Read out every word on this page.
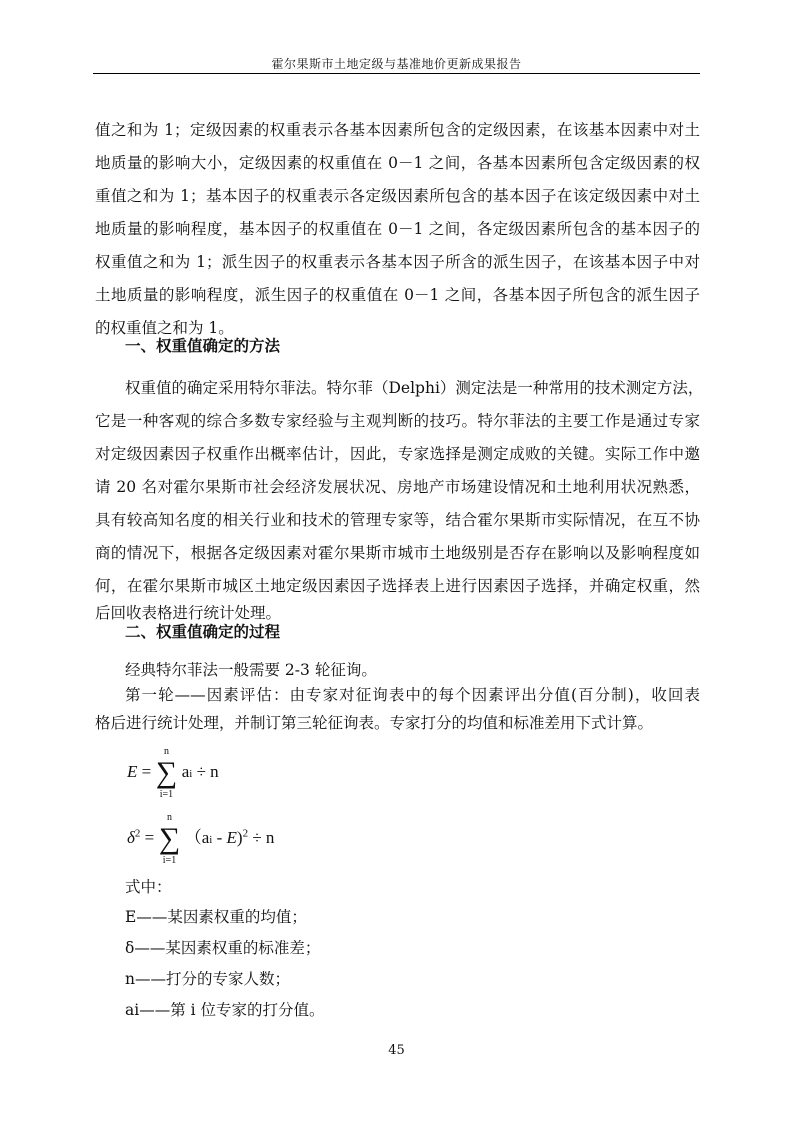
霍尔果斯市土地定级与基准地价更新成果报告
值之和为 1；定级因素的权重表示各基本因素所包含的定级因素，在该基本因素中对土
地质量的影响大小，定级因素的权重值在 0－1 之间，各基本因素所包含定级因素的权
重值之和为 1；基本因子的权重表示各定级因素所包含的基本因子在该定级因素中对土
地质量的影响程度，基本因子的权重值在 0－1 之间，各定级因素所包含的基本因子的
权重值之和为 1；派生因子的权重表示各基本因子所含的派生因子，在该基本因子中对
土地质量的影响程度，派生因子的权重值在 0－1 之间，各基本因子所包含的派生因子
的权重值之和为 1。
一、权重值确定的方法
权重值的确定采用特尔菲法。特尔菲（Delphi）测定法是一种常用的技术测定方法，
它是一种客观的综合多数专家经验与主观判断的技巧。特尔菲法的主要工作是通过专家
对定级因素因子权重作出概率估计，因此，专家选择是测定成败的关键。实际工作中邀
请 20 名对霍尔果斯市社会经济发展状况、房地产市场建设情况和土地利用状况熟悉，
具有较高知名度的相关行业和技术的管理专家等，结合霍尔果斯市实际情况，在互不协
商的情况下，根据各定级因素对霍尔果斯市城市土地级别是否存在影响以及影响程度如
何，在霍尔果斯市城区土地定级因素因子选择表上进行因素因子选择，并确定权重，然
后回收表格进行统计处理。
二、权重值确定的过程
经典特尔菲法一般需要 2-3 轮征询。
第一轮——因素评估：由专家对征询表中的每个因素评出分值(百分制)，收回表
格后进行统计处理，并制订第三轮征询表。专家打分的均值和标准差用下式计算。
E =
n
∑
i=1
ai ÷ n
$\delta^2$ =
n
∑
i=1
（ai - E)$^2$ ÷ n
式中：
E——某因素权重的均值；
δ——某因素权重的标准差；
n——打分的专家人数；
ai——第 i 位专家的打分值。
45
